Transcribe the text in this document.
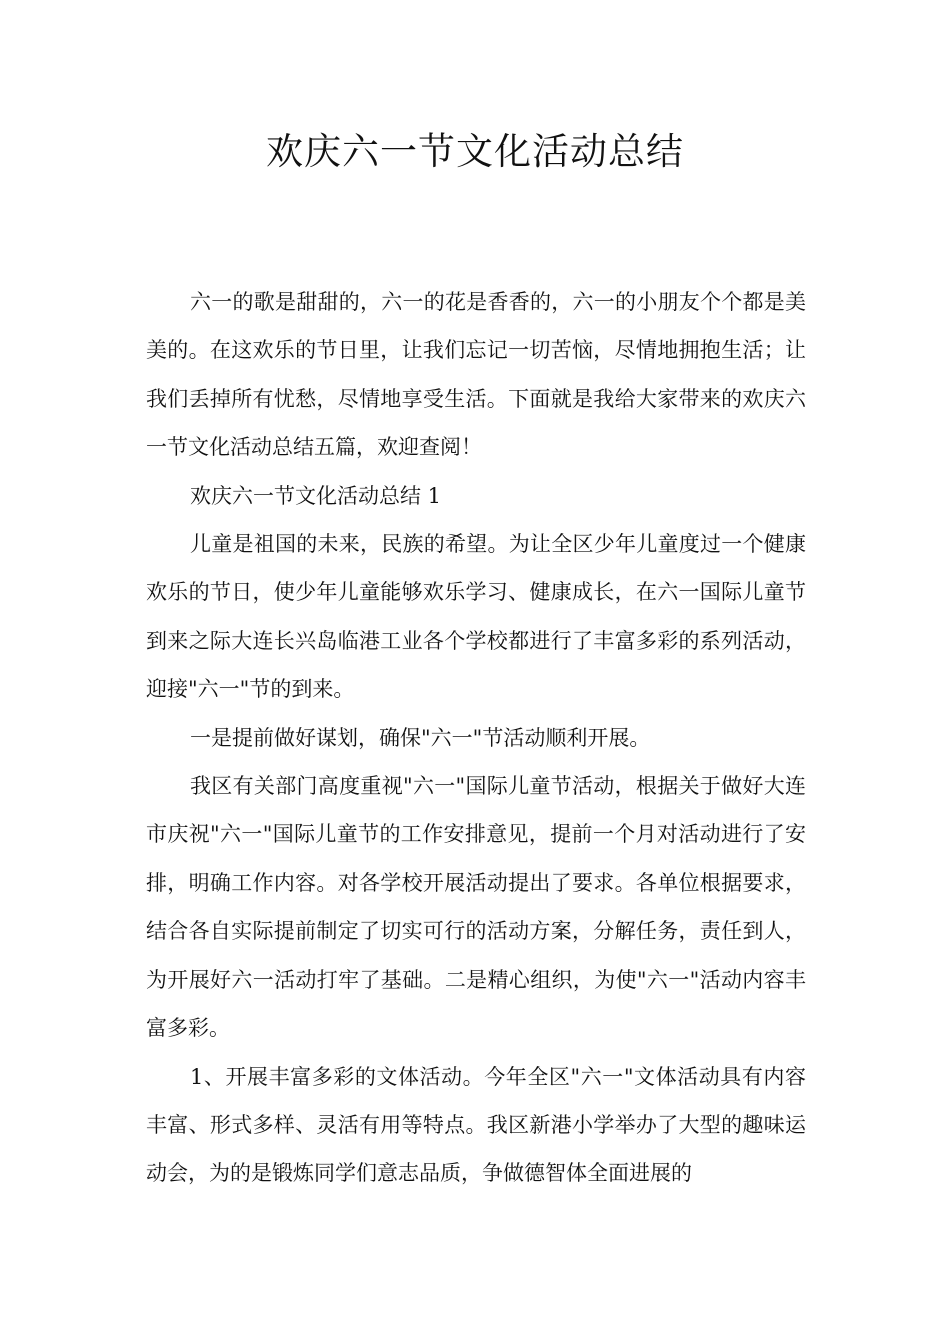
欢庆六一节文化活动总结

六一的歌是甜甜的，六一的花是香香的，六一的小朋友个个都是美美的。在这欢乐的节日里，让我们忘记一切苦恼，尽情地拥抱生活；让我们丢掉所有忧愁，尽情地享受生活。下面就是我给大家带来的欢庆六一节文化活动总结五篇，欢迎查阅！

欢庆六一节文化活动总结 1

儿童是祖国的未来，民族的希望。为让全区少年儿童度过一个健康欢乐的节日，使少年儿童能够欢乐学习、健康成长，在六一国际儿童节到来之际大连长兴岛临港工业各个学校都进行了丰富多彩的系列活动，迎接"六一"节的到来。

一是提前做好谋划，确保"六一"节活动顺利开展。

我区有关部门高度重视"六一"国际儿童节活动，根据关于做好大连市庆祝"六一"国际儿童节的工作安排意见，提前一个月对活动进行了安排，明确工作内容。对各学校开展活动提出了要求。各单位根据要求，结合各自实际提前制定了切实可行的活动方案，分解任务，责任到人，为开展好六一活动打牢了基础。二是精心组织，为使"六一"活动内容丰富多彩。

1、开展丰富多彩的文体活动。今年全区"六一"文体活动具有内容丰富、形式多样、灵活有用等特点。我区新港小学举办了大型的趣味运动会，为的是锻炼同学们意志品质，争做德智体全面进展的
